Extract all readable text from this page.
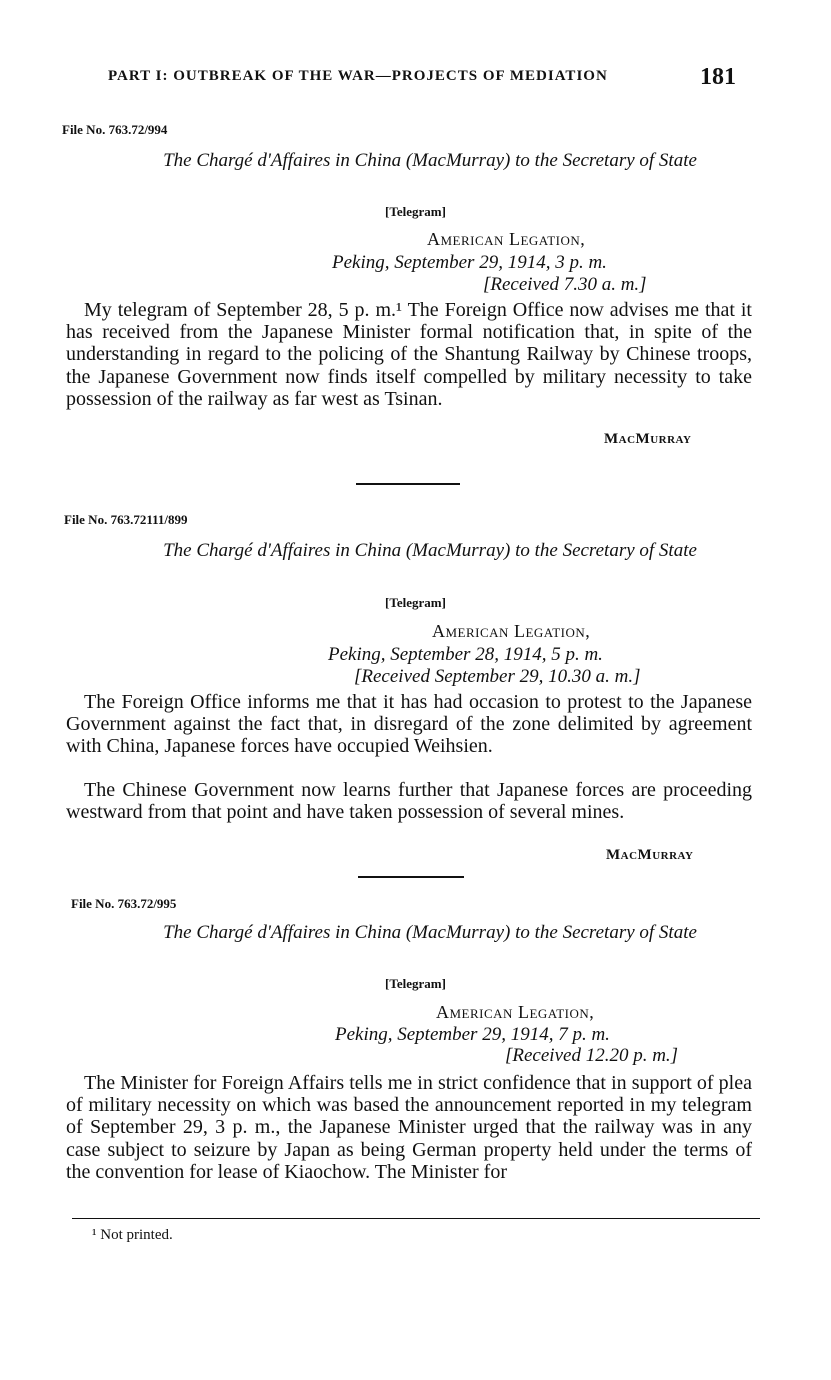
PART I: OUTBREAK OF THE WAR—PROJECTS OF MEDIATION	181
File No. 763.72/994
The Chargé d'Affaires in China (MacMurray) to the Secretary of State
[Telegram]
American Legation,
Peking, September 29, 1914, 3 p. m.
[Received 7.30 a. m.]

My telegram of September 28, 5 p. m.¹ The Foreign Office now advises me that it has received from the Japanese Minister formal notification that, in spite of the understanding in regard to the policing of the Shantung Railway by Chinese troops, the Japanese Government now finds itself compelled by military necessity to take possession of the railway as far west as Tsinan.

MacMurray
File No. 763.72111/899
The Chargé d'Affaires in China (MacMurray) to the Secretary of State
[Telegram]
American Legation,
Peking, September 28, 1914, 5 p. m.
[Received September 29, 10.30 a. m.]

The Foreign Office informs me that it has had occasion to protest to the Japanese Government against the fact that, in disregard of the zone delimited by agreement with China, Japanese forces have occupied Weihsien.

The Chinese Government now learns further that Japanese forces are proceeding westward from that point and have taken possession of several mines.

MacMurray
File No. 763.72/995
The Chargé d'Affaires in China (MacMurray) to the Secretary of State
[Telegram]
American Legation,
Peking, September 29, 1914, 7 p. m.
[Received 12.20 p. m.]

The Minister for Foreign Affairs tells me in strict confidence that in support of plea of military necessity on which was based the announcement reported in my telegram of September 29, 3 p. m., the Japanese Minister urged that the railway was in any case subject to seizure by Japan as being German property held under the terms of the convention for lease of Kiaochow. The Minister for

¹ Not printed.
